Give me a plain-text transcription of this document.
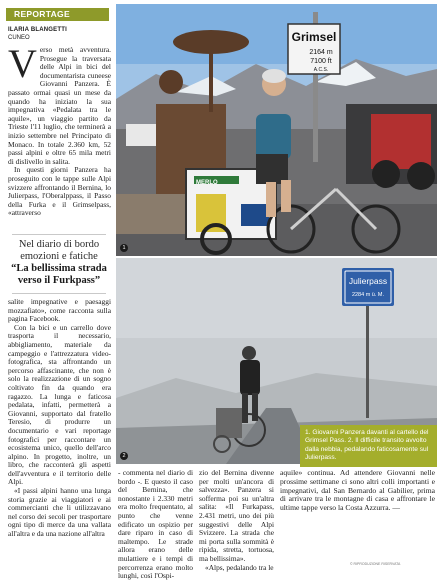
REPORTAGE
ILARIA BLANGETTI
CUNEO

Verso metà avventura. Prosegue la traversata delle Alpi in bici del documentarista cuneese Giovanni Panzera. È passato ormai quasi un mese da quando ha iniziato la sua impegnativa «Pedalata tra le aquile», un viaggio partito da Trieste l'11 luglio, che terminerà a inizio settembre nel Principato di Monaco. In totale 2.360 km, 52 passi alpini e oltre 65 mila metri di dislivello in salita.

In questi giorni Panzera ha proseguito con le tappe sulle Alpi svizzere affrontando il Bernina, lo Julierpass, l'Oberalppass, il Passo della Furka e il Grimselpass, «attraverso

Nel diario di bordo emozioni e fatiche
“La bellissima strada verso il Furkpass”

salite impegnative e paesaggi mozzafiato», come racconta sulla pagina Facebook.

Con la bici e un carrello dove trasporta il necessario, abbigliamento, materiale da campeggio e l'attrezzatura video-fotografica, sta affrontando un percorso affascinante, che non è solo la realizzazione di un sogno coltivato fin da quando era ragazzo. La lunga e faticosa pedalata, infatti, permetterà a Giovanni, supportato dal fratello Teresio, di produrre un documentario e vari reportage fotografici per raccontare un ecosistema unico, quello dell'arco alpino. In progetto, inoltre, un libro, che racconterà gli aspetti dell'avventura e il territorio delle Alpi.

«I passi alpini hanno una lunga storia grazie ai viaggiatori e ai commercianti che li utilizzavano nel corso dei secoli per trasportare ogni tipo di merce da una vallata all'altra e da una nazione all'altra

Grimsel
2164 m
7100 ft
A.C.S.
MERLO
1
Julierpass
2284 m ü. M.
2
1. Giovanni Panzera davanti al cartello del Grimsel Pass. 2. Il difficile transito avvolto dalla nebbia, pedalando faticosamente sul Julierpass.

- commenta nel diario di bordo -. E questo il caso del Bernina, che nonostante i 2.330 metri era molto frequentato, al punto che venne edificato un ospizio per dare riparo in caso di maltempo. Le strade allora erano delle mulattiere e i tempi di percorrenza erano molto lunghi, così l'Ospi-

zio del Bernina divenne per molti un'ancora di salvezza». Panzera si sofferma poi su un'altra salita: «Il Furkapass, 2.431 metri, uno dei più suggestivi delle Alpi Svizzere. La strada che mi porta sulla sommità è ripida, stretta, tortuosa, ma bellissima».

«Alps, pedalando tra le

aquile» continua. Ad attendere Giovanni nelle prossime settimane ci sono altri colli importanti e impegnativi, dal San Bernardo al Gabilier, prima di arrivare tra le montagne di casa e affrontare le ultime tappe verso la Costa Azzurra. —

© RIPRODUZIONE RISERVATA
